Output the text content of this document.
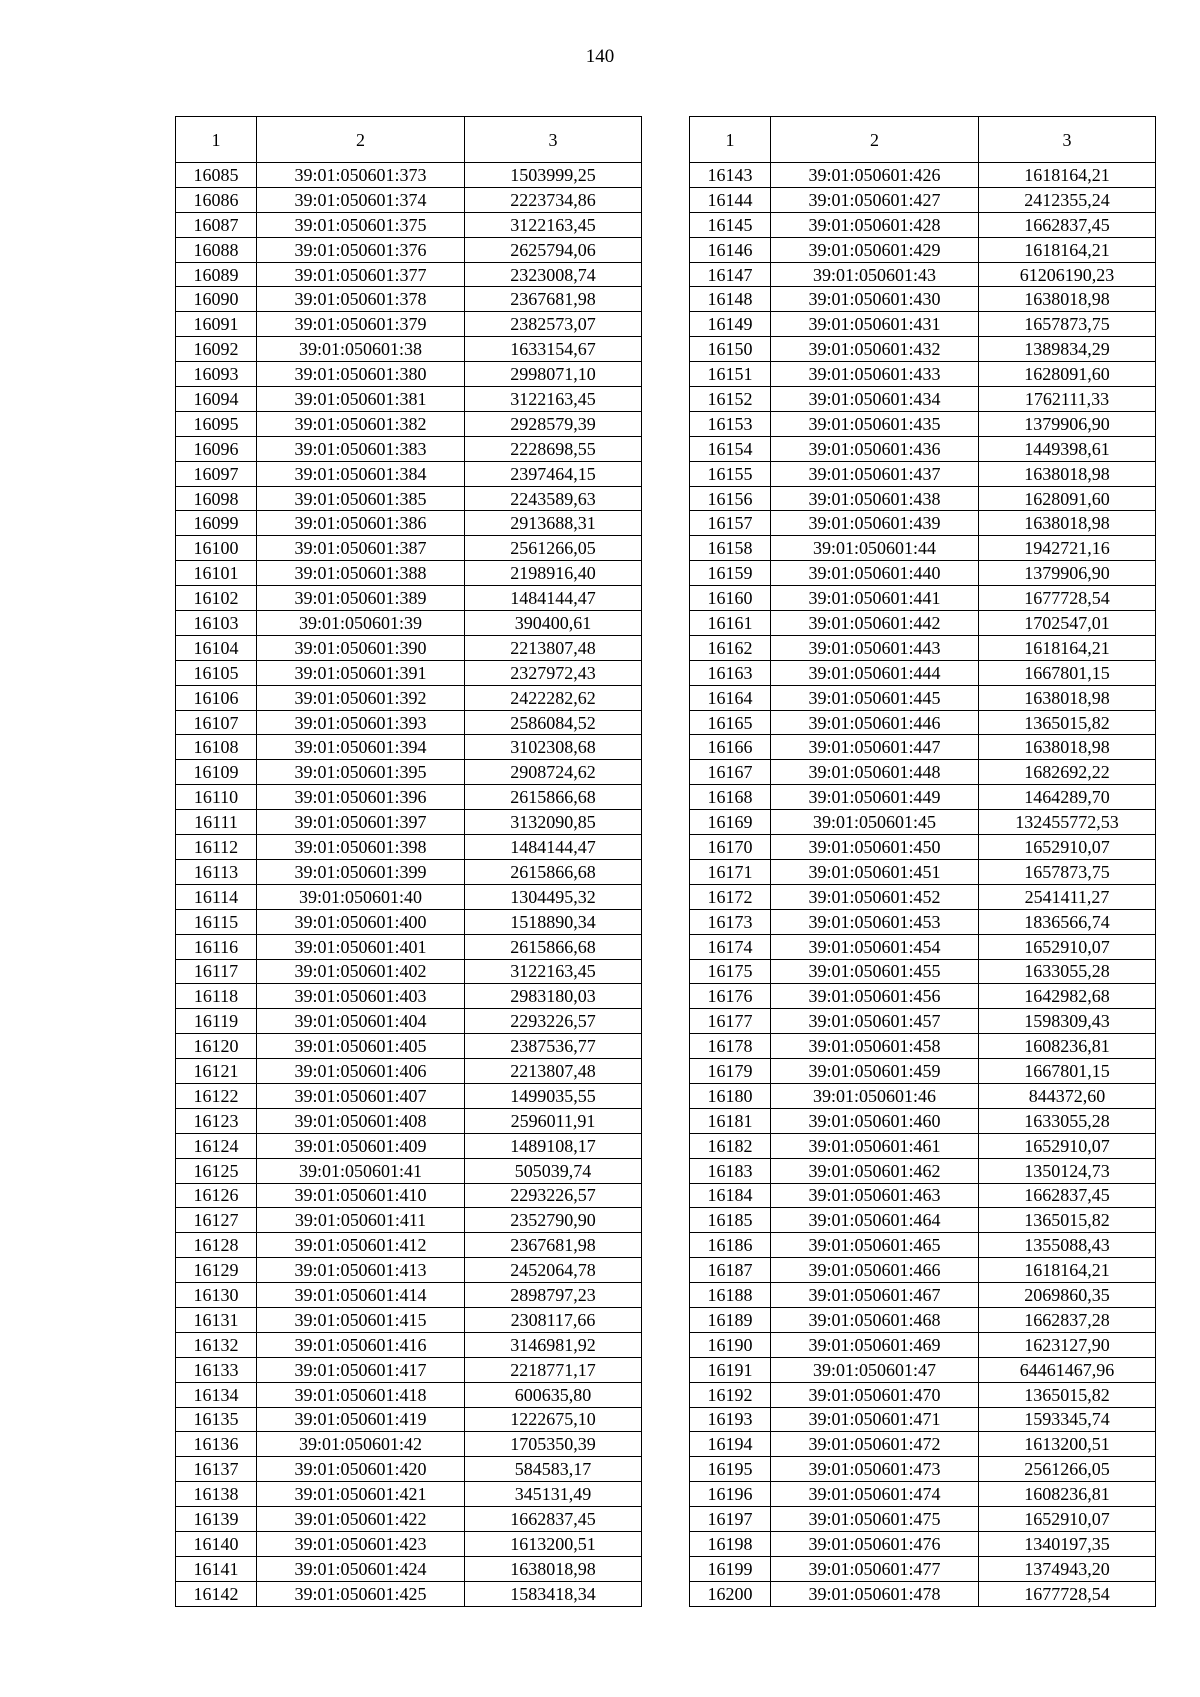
140
1	2	3
16085	39:01:050601:373	1503999,25
16086	39:01:050601:374	2223734,86
16087	39:01:050601:375	3122163,45
16088	39:01:050601:376	2625794,06
16089	39:01:050601:377	2323008,74
16090	39:01:050601:378	2367681,98
16091	39:01:050601:379	2382573,07
16092	39:01:050601:38	1633154,67
16093	39:01:050601:380	2998071,10
16094	39:01:050601:381	3122163,45
16095	39:01:050601:382	2928579,39
16096	39:01:050601:383	2228698,55
16097	39:01:050601:384	2397464,15
16098	39:01:050601:385	2243589,63
16099	39:01:050601:386	2913688,31
16100	39:01:050601:387	2561266,05
16101	39:01:050601:388	2198916,40
16102	39:01:050601:389	1484144,47
16103	39:01:050601:39	390400,61
16104	39:01:050601:390	2213807,48
16105	39:01:050601:391	2327972,43
16106	39:01:050601:392	2422282,62
16107	39:01:050601:393	2586084,52
16108	39:01:050601:394	3102308,68
16109	39:01:050601:395	2908724,62
16110	39:01:050601:396	2615866,68
16111	39:01:050601:397	3132090,85
16112	39:01:050601:398	1484144,47
16113	39:01:050601:399	2615866,68
16114	39:01:050601:40	1304495,32
16115	39:01:050601:400	1518890,34
16116	39:01:050601:401	2615866,68
16117	39:01:050601:402	3122163,45
16118	39:01:050601:403	2983180,03
16119	39:01:050601:404	2293226,57
16120	39:01:050601:405	2387536,77
16121	39:01:050601:406	2213807,48
16122	39:01:050601:407	1499035,55
16123	39:01:050601:408	2596011,91
16124	39:01:050601:409	1489108,17
16125	39:01:050601:41	505039,74
16126	39:01:050601:410	2293226,57
16127	39:01:050601:411	2352790,90
16128	39:01:050601:412	2367681,98
16129	39:01:050601:413	2452064,78
16130	39:01:050601:414	2898797,23
16131	39:01:050601:415	2308117,66
16132	39:01:050601:416	3146981,92
16133	39:01:050601:417	2218771,17
16134	39:01:050601:418	600635,80
16135	39:01:050601:419	1222675,10
16136	39:01:050601:42	1705350,39
16137	39:01:050601:420	584583,17
16138	39:01:050601:421	345131,49
16139	39:01:050601:422	1662837,45
16140	39:01:050601:423	1613200,51
16141	39:01:050601:424	1638018,98
16142	39:01:050601:425	1583418,34
1	2	3
16143	39:01:050601:426	1618164,21
16144	39:01:050601:427	2412355,24
16145	39:01:050601:428	1662837,45
16146	39:01:050601:429	1618164,21
16147	39:01:050601:43	61206190,23
16148	39:01:050601:430	1638018,98
16149	39:01:050601:431	1657873,75
16150	39:01:050601:432	1389834,29
16151	39:01:050601:433	1628091,60
16152	39:01:050601:434	1762111,33
16153	39:01:050601:435	1379906,90
16154	39:01:050601:436	1449398,61
16155	39:01:050601:437	1638018,98
16156	39:01:050601:438	1628091,60
16157	39:01:050601:439	1638018,98
16158	39:01:050601:44	1942721,16
16159	39:01:050601:440	1379906,90
16160	39:01:050601:441	1677728,54
16161	39:01:050601:442	1702547,01
16162	39:01:050601:443	1618164,21
16163	39:01:050601:444	1667801,15
16164	39:01:050601:445	1638018,98
16165	39:01:050601:446	1365015,82
16166	39:01:050601:447	1638018,98
16167	39:01:050601:448	1682692,22
16168	39:01:050601:449	1464289,70
16169	39:01:050601:45	132455772,53
16170	39:01:050601:450	1652910,07
16171	39:01:050601:451	1657873,75
16172	39:01:050601:452	2541411,27
16173	39:01:050601:453	1836566,74
16174	39:01:050601:454	1652910,07
16175	39:01:050601:455	1633055,28
16176	39:01:050601:456	1642982,68
16177	39:01:050601:457	1598309,43
16178	39:01:050601:458	1608236,81
16179	39:01:050601:459	1667801,15
16180	39:01:050601:46	844372,60
16181	39:01:050601:460	1633055,28
16182	39:01:050601:461	1652910,07
16183	39:01:050601:462	1350124,73
16184	39:01:050601:463	1662837,45
16185	39:01:050601:464	1365015,82
16186	39:01:050601:465	1355088,43
16187	39:01:050601:466	1618164,21
16188	39:01:050601:467	2069860,35
16189	39:01:050601:468	1662837,28
16190	39:01:050601:469	1623127,90
16191	39:01:050601:47	64461467,96
16192	39:01:050601:470	1365015,82
16193	39:01:050601:471	1593345,74
16194	39:01:050601:472	1613200,51
16195	39:01:050601:473	2561266,05
16196	39:01:050601:474	1608236,81
16197	39:01:050601:475	1652910,07
16198	39:01:050601:476	1340197,35
16199	39:01:050601:477	1374943,20
16200	39:01:050601:478	1677728,54
